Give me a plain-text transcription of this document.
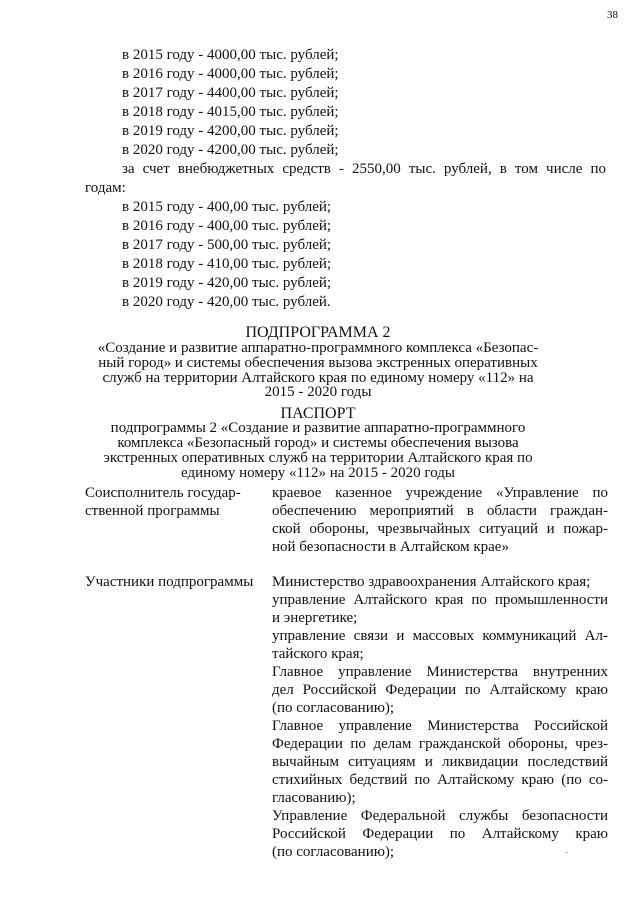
38
в 2015 году - 4000,00 тыс. рублей;
в 2016 году - 4000,00 тыс. рублей;
в 2017 году - 4400,00 тыс. рублей;
в 2018 году - 4015,00 тыс. рублей;
в 2019 году - 4200,00 тыс. рублей;
в 2020 году - 4200,00 тыс. рублей;
за счет внебюджетных средств - 2550,00 тыс. рублей, в том числе по
годам:
в 2015 году - 400,00 тыс. рублей;
в 2016 году - 400,00 тыс. рублей;
в 2017 году - 500,00 тыс. рублей;
в 2018 году - 410,00 тыс. рублей;
в 2019 году - 420,00 тыс. рублей;
в 2020 году - 420,00 тыс. рублей.
ПОДПРОГРАММА 2
«Создание и развитие аппаратно-программного комплекса «Безопас-
ный город» и системы обеспечения вызова экстренных оперативных
служб на территории Алтайского края по единому номеру «112» на
2015 - 2020 годы
ПАСПОРТ
подпрограммы 2 «Создание и развитие аппаратно-программного
комплекса «Безопасный город» и системы обеспечения вызова
экстренных оперативных служб на территории Алтайского края по
единому номеру «112» на 2015 - 2020 годы
Соисполнитель государ-
ственной программы
краевое казенное учреждение «Управление по
обеспечению мероприятий в области граждан-
ской обороны, чрезвычайных ситуаций и пожар-
ной безопасности в Алтайском крае»
Участники подпрограммы	Министерство здравоохранения Алтайского края;
управление Алтайского края по промышленности
и энергетике;
управление связи и массовых коммуникаций Ал-
тайского края;
Главное управление Министерства внутренних
дел Российской Федерации по Алтайскому краю
(по согласованию);
Главное управление Министерства Российской
Федерации по делам гражданской обороны, чрез-
вычайным ситуациям и ликвидации последствий
стихийных бедствий по Алтайскому краю (по со-
гласованию);
Управление Федеральной службы безопасности
Российской Федерации по Алтайскому краю
(по согласованию);
